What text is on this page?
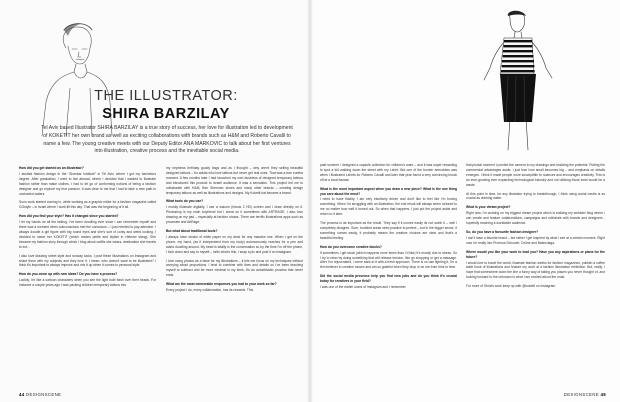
THE ILLUSTRATOR:
SHIRA BARZILAY
Tel Aviv based Illustrator SHIRA BARZILAY is a true story of success, her love for illustration led to development of KOKETIT her own brand as well as exciting collaborations with brands such as H&M and Roberto Cavalli to name a few. The young creative meets with our Deputy Editor ANA MARKOVIC to talk about her first ventures into illustration, creative process and the inevitable social media.

How did you get started as an illustrator?

I studied fashion design in the “Shenkar Institute” in Tel Aviv, where I got my bachelors degree. After graduation, I went to live abroad, where I decided that I wanted to illustrate fashion rather than make clothes. I had to let go of conforming notions of being a fashion designer and go explore my true passion. It was clear to me that I had to take a new path in uncharted waters.

Soon work started coming in, while working as a graphic editor for a fashion magazine called GOstyle – in Israel where I work till this day. That was the beginning of it all.

How did you find your style? Has it changed since you started?

I let my hands do all the talking. I've been doodling ever since I can remember myself and there was a moment when subconscious met the conscious – I just needed to pay attention. I always doodle a girl figure with big round eyes and she's sort of corky and weird looking. I decided to name her KOKETIT (which means petite and stylish in Hebrew slang). She became my fashion story through which I blog about outfits she wears, destination she travels to ect…

I also love drawing street style and runway looks. I post these illustrations on Instagram and share them with my subjects and they love it. I mean, who doesn't want to be illustrated? I think it's important to always improve and mix it up when it comes to personal style.

How do you come up with new ideas? Do you have a process?

Luckily, I'm like a cartoon characters when you see the light bulb flash over their heads. For instance a couple years ago I was packing children temporary tattoos into

my nephews birthday goody bags and as I thought – why aren't they selling beautiful designed tattoos – for adults who love tattoos but never get real ones. That was a true eureka moment. A few months later I had launched my own business of designed temporary tattoos and introduced this product to Israeli audience. It was a sensation. This project led me to collaborate with H&M, Ben Sherman stores and many other brands – creating design temporary tattoos as well as illustrations and designs. My Koketit hat became a brand.

What tools do you use?

I mostly illustrate digitally. I use a wacom (intuos 2 HD) screen and I draw directly on it. Photoshop is my main boyfriend but I cheat on it sometimes with ARTRAGE. I also love drawing on my pad – especially at fashion shows. There are terrific illustrations apps such as procreate and ArtRage.

But what about traditional tools?

I always have stocks of white paper on my desk for any massive use. When I get on the phone, my hand, (as if independent from my body) autonomously reaches for a pen and starts doodling around. My head is totally in the conversation so by the time I'm off the phone, I look down and say to myself – hello what's this. I snap a pic and post it on instagram.

I love using photos as a base for my illustrations – it lets me focus on my techniques without worrying about proportions. I tend to combine with lines and details so I've been teaching myself to subtract and be more minimal in my lines, it's an autodidactic process that never ends.

What are the most memorable responses you had to your work so far?

Every project I do, every collaboration, has its rewards. This

44 DESIGNSCENE

past summer I designed a capsule collection for children's ware – and it was super rewarding to spot a kid walking down the street with my t-shirt. But one of the funnier anecdotes was when I illustrated t-shirts for Roberto Cavalli and later that year found a very convincing knock off at a local bazaar.

What is the most important aspect when you draw a new piece? What is the one thing you care about the most?

I need to have fluidity. I am very intuitively driven and don't like to feel like I'm forcing something. When I'm struggling with an illustration, the end result will always seem tortured to me no matter how well it turned out. So when that happens, I just put the project aside and return to it later.

The process is as important as the result. They say if it comes easily its not worth it – well I completely disagree. Sure, troubled areas need practice to perfect – but in the bigger sense, if something comes easily, it probably means the creative choices are clear and that's a beautiful feeling.

How do you overcome creative blocks?

If sometimes I get stuck (which happens more times than I'd like) it's mostly due to stress. So I try to relax by doing something that will release tension, like go shopping or get a massage. After I've rejuvenated, I come back to it with a fresh approach. There is no use fighting it, I'm a firm believer in creative muses and am so grateful when they drop in on me from time to time.

Did the social media presence help you find new jobs and do you think it's crucial today for creatives in your field?

I was one of the earlier users of Instagram and I remember

that pivotal moment I pointed the camera to my drawings and realizing the potential. Putting the commercial advantages aside, I just love how small becomes big – and emphasis on details emerges. I think it made people more susceptible to nuances and encourages creativity. This is an ever-growing ever expanding technological industry and not utilizing those tools would be a waste.

At this point in time, for any illustrator trying to breakthrough, I think using social media is as crucial as drinking water.

What is your dream project?

Right now, I'm working on my biggest dream project which is building my website/ blog where I can create and feature collaborations, campaigns and editorials with brands and designers - hopefully reaching a worldwide audience.

So, do you have a favourite fashion designer?

I don't have a favorite brand – but rather I get inspired by what I see at a certain moment. Right now I'm really into Proenza Schouler, Celine and Balenciaga.

Where would you like your work to lead you? Have you any aspirations or plans for the future?

I would love to travel the world, illustrate fashion weeks for fashion magazines, publish a coffee table book of illustrations and feature my work at a fashion illustration exhibition. But, really, I hope that somewhere down the line a funny way of taking you places you never thought of, and looking forward to the unknown is what I am excited about the most.

For more of Shira's work keep up with @koketit on Instagram.

DESIGNSCENE 45
